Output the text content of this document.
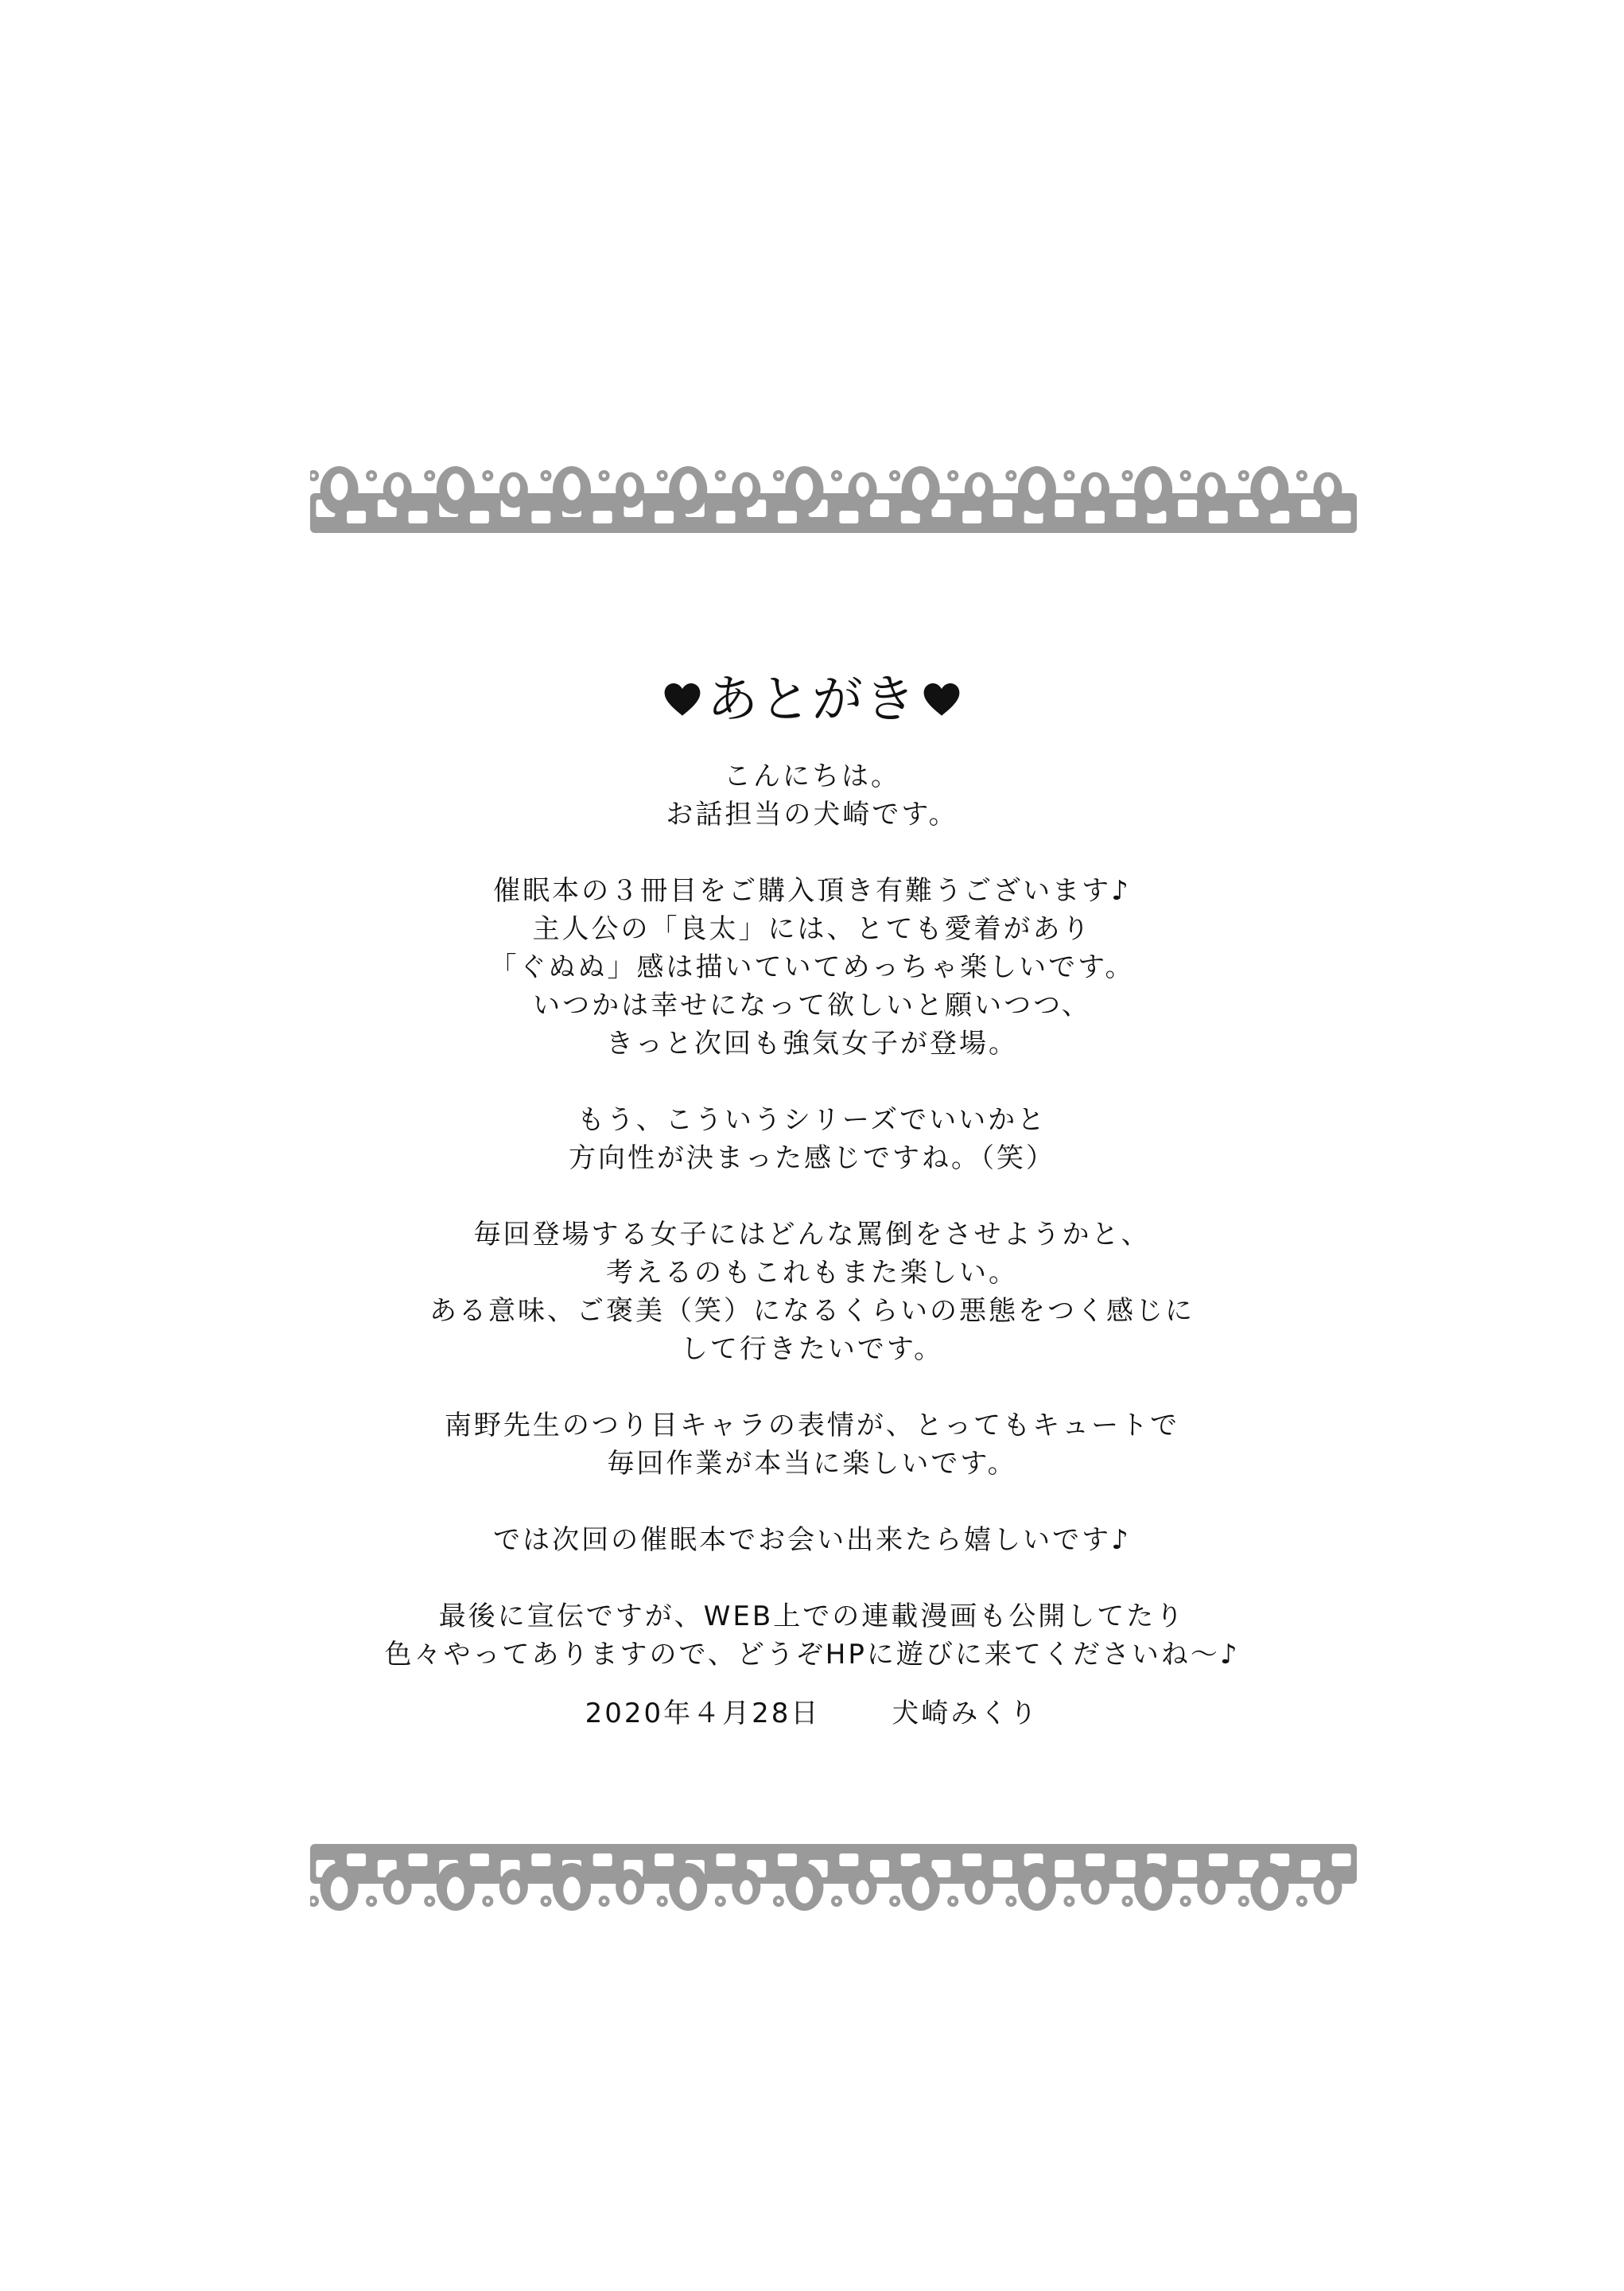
あとがき
こんにちは。
お話担当の犬崎です。
催眠本の３冊目をご購入頂き有難うございます♪
主人公の「良太」には、とても愛着があり
「ぐぬぬ」感は描いていてめっちゃ楽しいです。
いつかは幸せになって欲しいと願いつつ、
きっと次回も強気女子が登場。
もう、こういうシリーズでいいかと
方向性が決まった感じですね。（笑）
毎回登場する女子にはどんな罵倒をさせようかと、
考えるのもこれもまた楽しい。
ある意味、ご褒美（笑）になるくらいの悪態をつく感じに
して行きたいです。
南野先生のつり目キャラの表情が、とってもキュートで
毎回作業が本当に楽しいです。
では次回の催眠本でお会い出来たら嬉しいです♪
最後に宣伝ですが、WEB上での連載漫画も公開してたり
色々やってありますので、どうぞHPに遊びに来てくださいね～♪
2020年４月28日	犬崎みくり
